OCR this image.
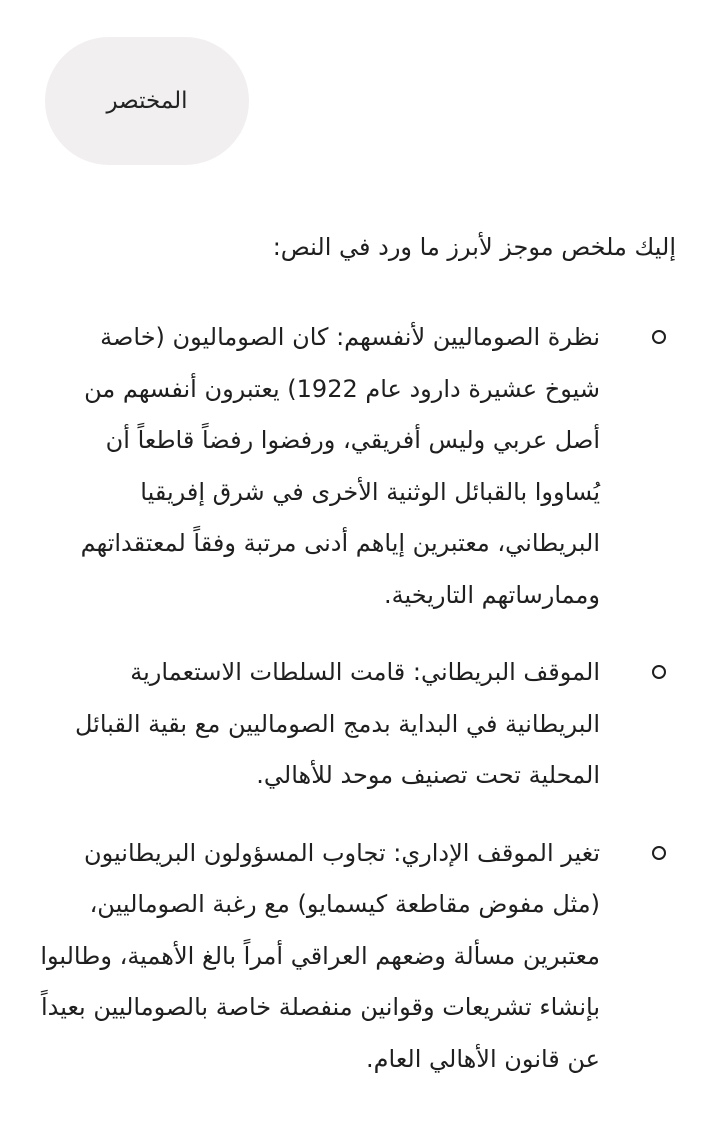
المختصر

إليك ملخص موجز لأبرز ما ورد في النص:

نظرة الصوماليين لأنفسهم: كان الصوماليون (خاصة شيوخ عشيرة دارود عام 1922) يعتبرون أنفسهم من أصل عربي وليس أفريقي، ورفضوا رفضاً قاطعاً أن يُساووا بالقبائل الوثنية الأخرى في شرق إفريقيا البريطاني، معتبرين إياهم أدنى مرتبة وفقاً لمعتقداتهم وممارساتهم التاريخية.
الموقف البريطاني: قامت السلطات الاستعمارية البريطانية في البداية بدمج الصوماليين مع بقية القبائل المحلية تحت تصنيف موحد للأهالي.
تغير الموقف الإداري: تجاوب المسؤولون البريطانيون (مثل مفوض مقاطعة كيسمايو) مع رغبة الصوماليين، معتبرين مسألة وضعهم العراقي أمراً بالغ الأهمية، وطالبوا بإنشاء تشريعات وقوانين منفصلة خاصة بالصوماليين بعيداً عن قانون الأهالي العام.
